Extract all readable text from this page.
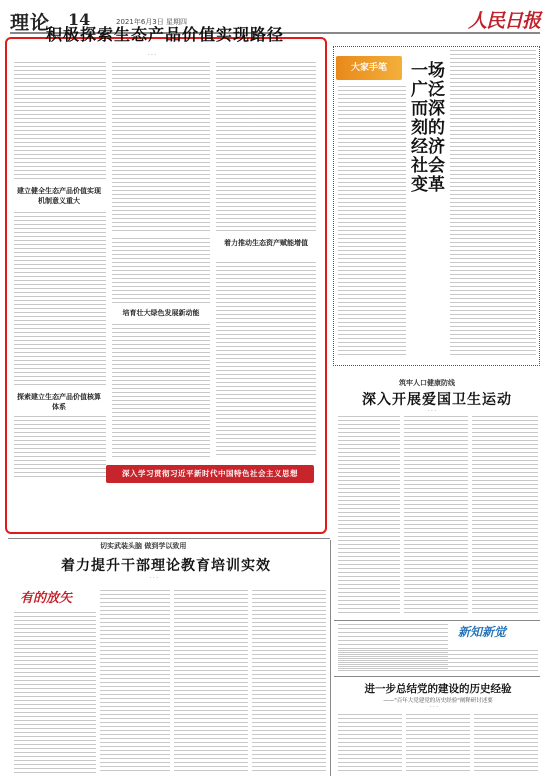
理论 14	2021年6月3日 星期四	人民日报
积极探索生态产品价值实现路径
· · ·
建立健全生态产品价值实现机制意义重大
着力推动生态资产赋能增值
培育壮大绿色发展新动能
探索建立生态产品价值核算体系
深入学习贯彻习近平新时代中国特色社会主义思想
大家手笔	一场广泛而深刻的经济社会变革
筑牢人口健康防线
深入开展爱国卫生运动
· · ·
新知新觉
进一步总结党的建设的历史经验
——"百年大党建党的历史经验"阐释研讨述要
· · ·
切实武装头脑 做到学以致用
着力提升干部理论教育培训实效
· · ·
有的放矢
